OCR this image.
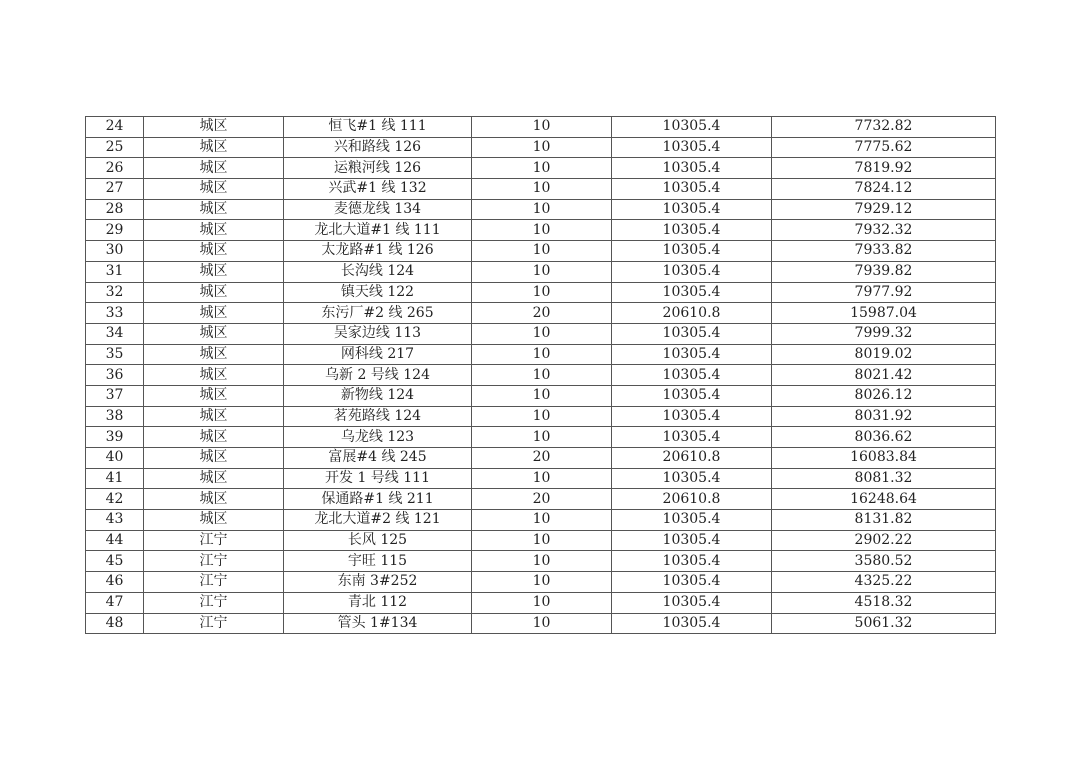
24	城区	恒飞#1 线 111	10	10305.4	7732.82
25	城区	兴和路线 126	10	10305.4	7775.62
26	城区	运粮河线 126	10	10305.4	7819.92
27	城区	兴武#1 线 132	10	10305.4	7824.12
28	城区	麦德龙线 134	10	10305.4	7929.12
29	城区	龙北大道#1 线 111	10	10305.4	7932.32
30	城区	太龙路#1 线 126	10	10305.4	7933.82
31	城区	长沟线 124	10	10305.4	7939.82
32	城区	镇天线 122	10	10305.4	7977.92
33	城区	东污厂#2 线 265	20	20610.8	15987.04
34	城区	吴家边线 113	10	10305.4	7999.32
35	城区	网科线 217	10	10305.4	8019.02
36	城区	乌新 2 号线 124	10	10305.4	8021.42
37	城区	新物线 124	10	10305.4	8026.12
38	城区	茗苑路线 124	10	10305.4	8031.92
39	城区	乌龙线 123	10	10305.4	8036.62
40	城区	富展#4 线 245	20	20610.8	16083.84
41	城区	开发 1 号线 111	10	10305.4	8081.32
42	城区	保通路#1 线 211	20	20610.8	16248.64
43	城区	龙北大道#2 线 121	10	10305.4	8131.82
44	江宁	长风 125	10	10305.4	2902.22
45	江宁	宇旺 115	10	10305.4	3580.52
46	江宁	东南 3#252	10	10305.4	4325.22
47	江宁	青北 112	10	10305.4	4518.32
48	江宁	管头 1#134	10	10305.4	5061.32
